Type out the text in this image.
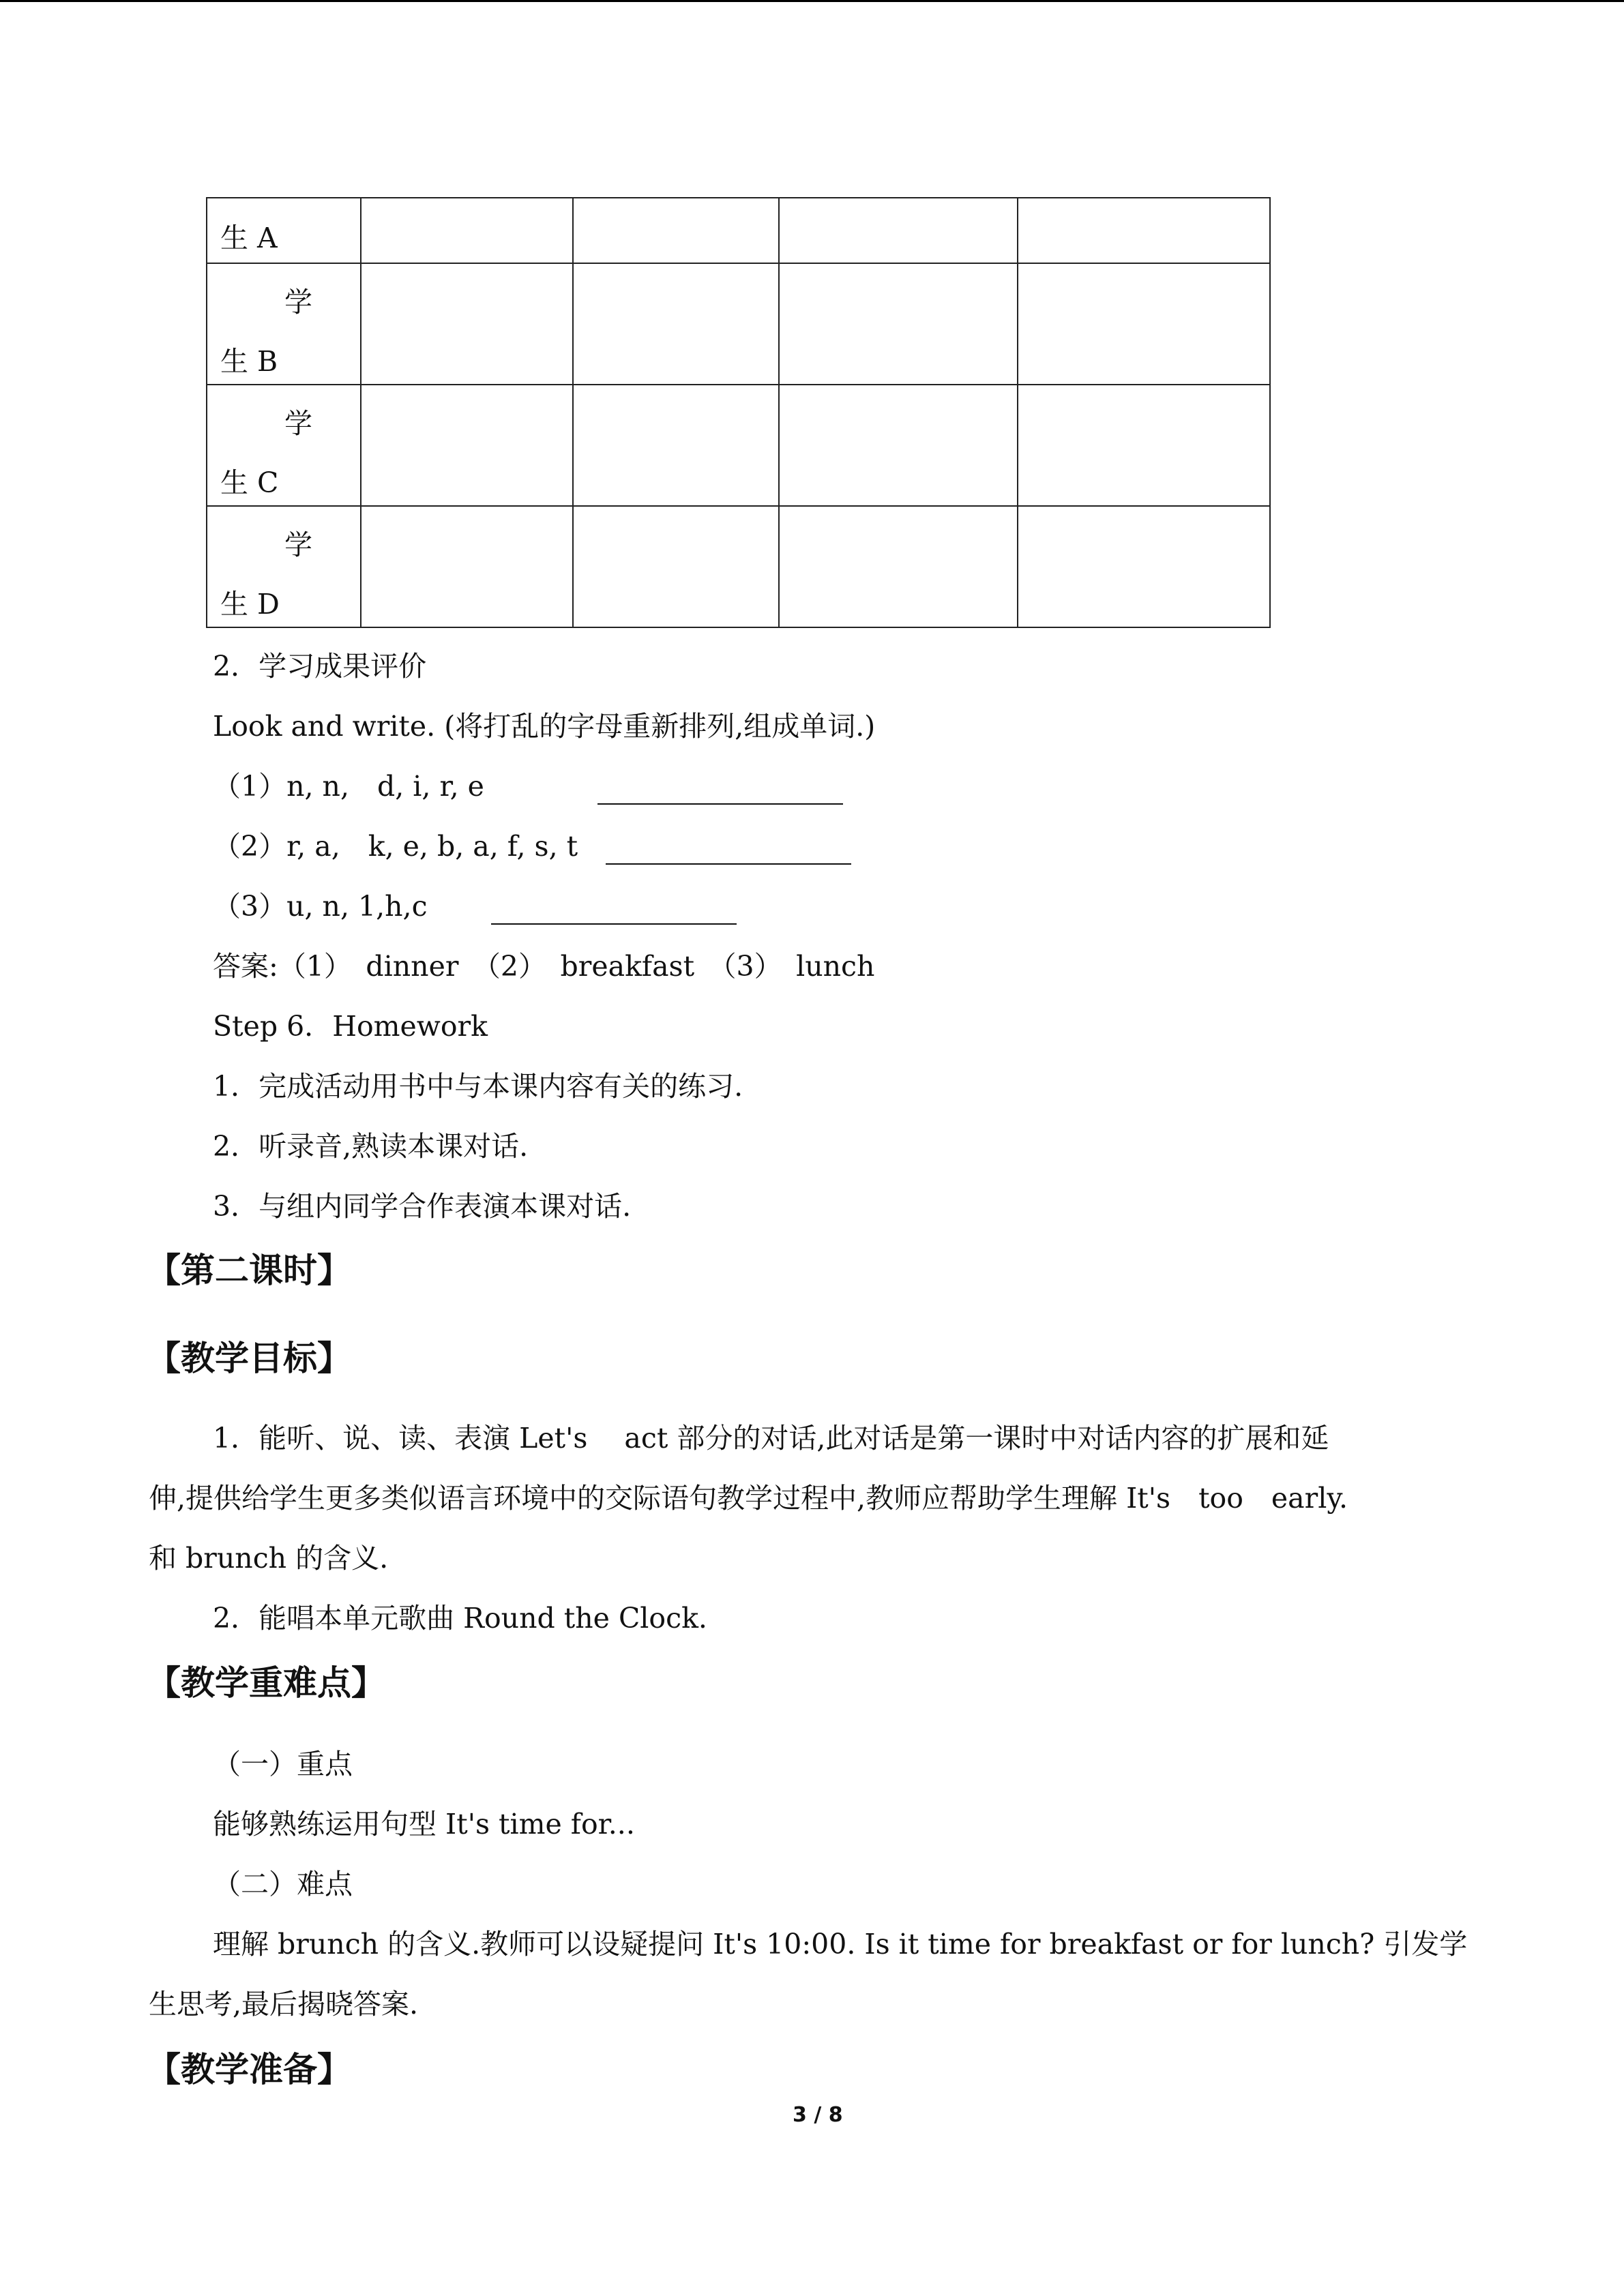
生 A				

学
生 B				

学
生 C				

学
生 D				

2．学习成果评价
Look and write. (将打乱的字母重新排列,组成单词.)
（1）n, n,　d, i, r, e
（2）r, a,　k, e, b, a, f, s, t
（3）u, n, 1,h,c
答案:（1）　dinner　（2）　breakfast　（3）　lunch
Step 6．Homework
1．完成活动用书中与本课内容有关的练习.
2．听录音,熟读本课对话.
3．与组内同学合作表演本课对话.
【第二课时】
【教学目标】
1．能听、说、读、表演 Let's　 act 部分的对话,此对话是第一课时中对话内容的扩展和延
伸,提供给学生更多类似语言环境中的交际语句教学过程中,教师应帮助学生理解 It's　too　early.
和 brunch 的含义.
2．能唱本单元歌曲 Round the Clock.
【教学重难点】
（一）重点
能够熟练运用句型 It's time for...
（二）难点
理解 brunch 的含义.教师可以设疑提问 It's 10:00. Is it time for breakfast or for lunch? 引发学
生思考,最后揭晓答案.
【教学准备】
3 / 8
